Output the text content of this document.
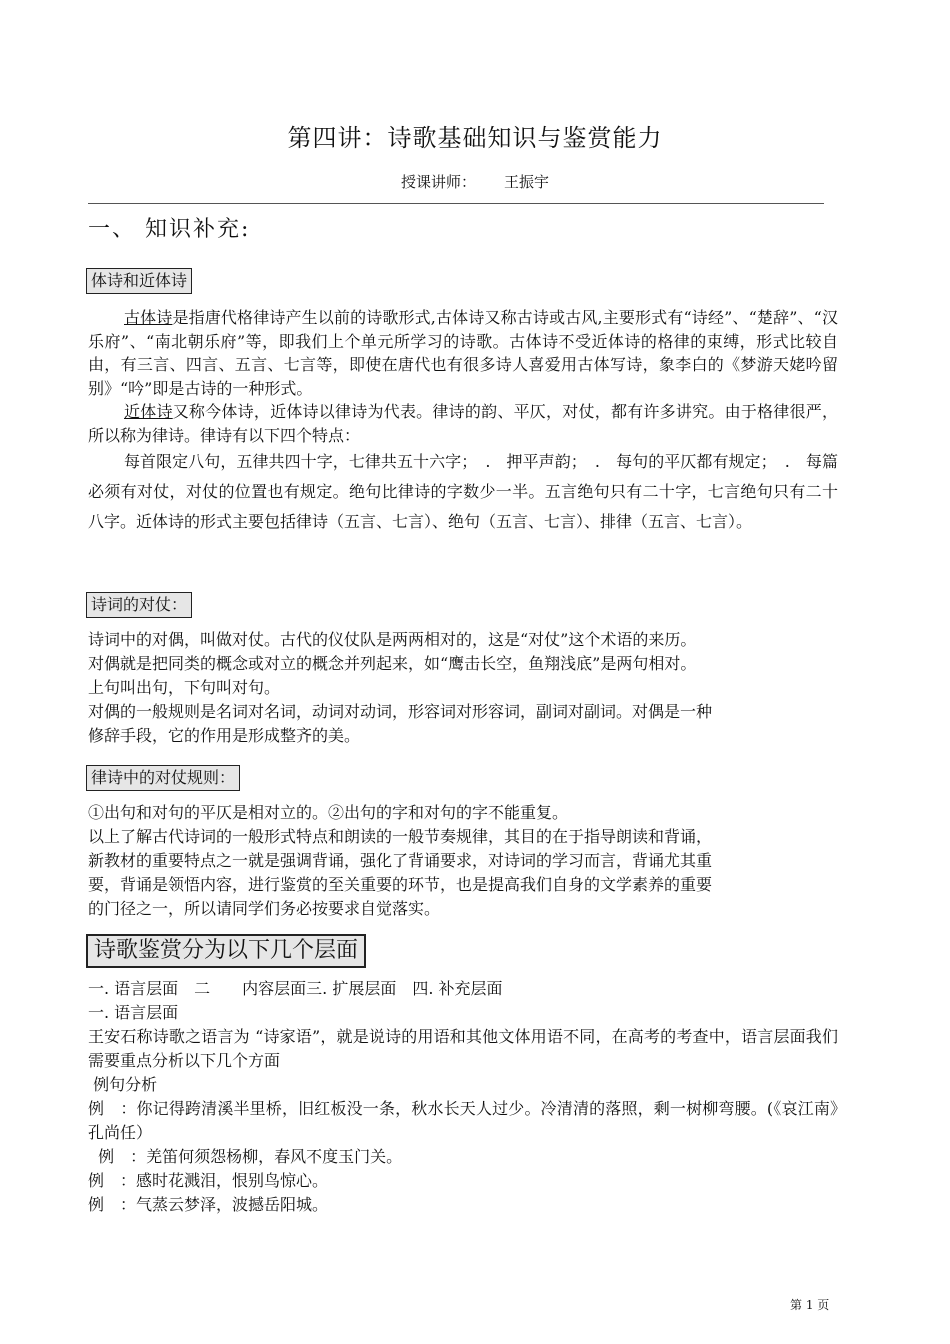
第四讲：诗歌基础知识与鉴赏能力
授课讲师： 王振宇
一、 知识补充:
体诗和近体诗

古体诗是指唐代格律诗产生以前的诗歌形式,古体诗又称古诗或古风,主要形式有“诗经”、“楚辞”、“汉乐府”、“南北朝乐府”等，即我们上个单元所学习的诗歌。古体诗不受近体诗的格律的束缚，形式比较自由，有三言、四言、五言、七言等，即使在唐代也有很多诗人喜爱用古体写诗，象李白的《梦游天姥吟留别》“吟”即是古诗的一种形式。

近体诗又称今体诗，近体诗以律诗为代表。律诗的韵、平仄，对仗，都有许多讲究。由于格律很严，所以称为律诗。律诗有以下四个特点：

每首限定八句，五律共四十字，七律共五十六字；　.　押平声韵；　.　每句的平仄都有规定；　.　每篇必须有对仗，对仗的位置也有规定。绝句比律诗的字数少一半。五言绝句只有二十字，七言绝句只有二十八字。近体诗的形式主要包括律诗（五言、七言）、绝句（五言、七言）、排律（五言、七言）。

诗词的对仗：
诗词中的对偶，叫做对仗。古代的仪仗队是两两相对的，这是“对仗”这个术语的来历。
对偶就是把同类的概念或对立的概念并列起来，如“鹰击长空，鱼翔浅底”是两句相对。
上句叫出句，下句叫对句。
对偶的一般规则是名词对名词，动词对动词，形容词对形容词，副词对副词。对偶是一种
修辞手段，它的作用是形成整齐的美。
律诗中的对仗规则：
①出句和对句的平仄是相对立的。②出句的字和对句的字不能重复。
以上了解古代诗词的一般形式特点和朗读的一般节奏规律，其目的在于指导朗读和背诵，
新教材的重要特点之一就是强调背诵，强化了背诵要求，对诗词的学习而言，背诵尤其重
要，背诵是领悟内容，进行鉴赏的至关重要的环节，也是提高我们自身的文学素养的重要
的门径之一，所以请同学们务必按要求自觉落实。
诗歌鉴赏分为以下几个层面
一. 语言层面　二　　内容层面三. 扩展层面　四. 补充层面
一. 语言层面
王安石称诗歌之语言为 “诗家语”，就是说诗的用语和其他文体用语不同，在高考的考查中，语言层面我们需要重点分析以下几个方面
例句分析
例　：你记得跨清溪半里桥，旧红板没一条，秋水长天人过少。冷清清的落照，剩一树柳弯腰。(《哀江南》孔尚任）
例　：羌笛何须怨杨柳，春风不度玉门关。
例　：感时花溅泪，恨别鸟惊心。
例　：气蒸云梦泽，波撼岳阳城。
第 1 页
